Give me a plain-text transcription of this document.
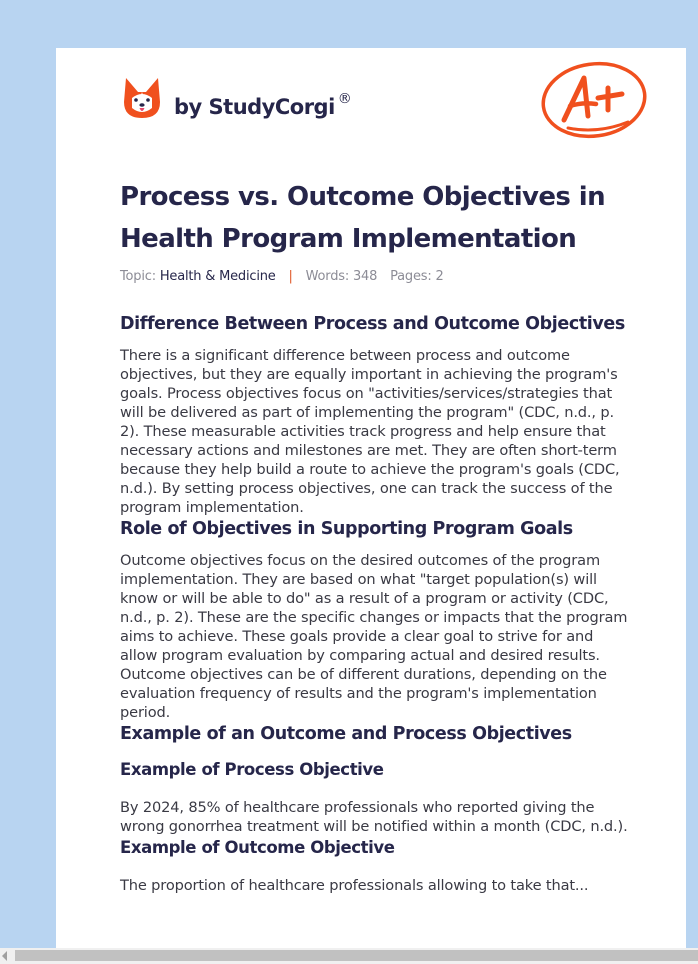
by StudyCorgi ®
Process vs. Outcome Objectives in Health Program Implementation
Topic: Health & Medicine | Words: 348 Pages: 2
Difference Between Process and Outcome Objectives

There is a significant difference between process and outcome objectives, but they are equally important in achieving the program's goals. Process objectives focus on "activities/services/strategies that will be delivered as part of implementing the program" (CDC, n.d., p. 2). These measurable activities track progress and help ensure that necessary actions and milestones are met. They are often short-term because they help build a route to achieve the program's goals (CDC, n.d.). By setting process objectives, one can track the success of the program implementation.

Role of Objectives in Supporting Program Goals

Outcome objectives focus on the desired outcomes of the program implementation. They are based on what "target population(s) will know or will be able to do" as a result of a program or activity (CDC, n.d., p. 2). These are the specific changes or impacts that the program aims to achieve. These goals provide a clear goal to strive for and allow program evaluation by comparing actual and desired results. Outcome objectives can be of different durations, depending on the evaluation frequency of results and the program's implementation period.

Example of an Outcome and Process Objectives
Example of Process Objective

By 2024, 85% of healthcare professionals who reported giving the wrong gonorrhea treatment will be notified within a month (CDC, n.d.).

Example of Outcome Objective

The proportion of healthcare professionals allowing to take that...
